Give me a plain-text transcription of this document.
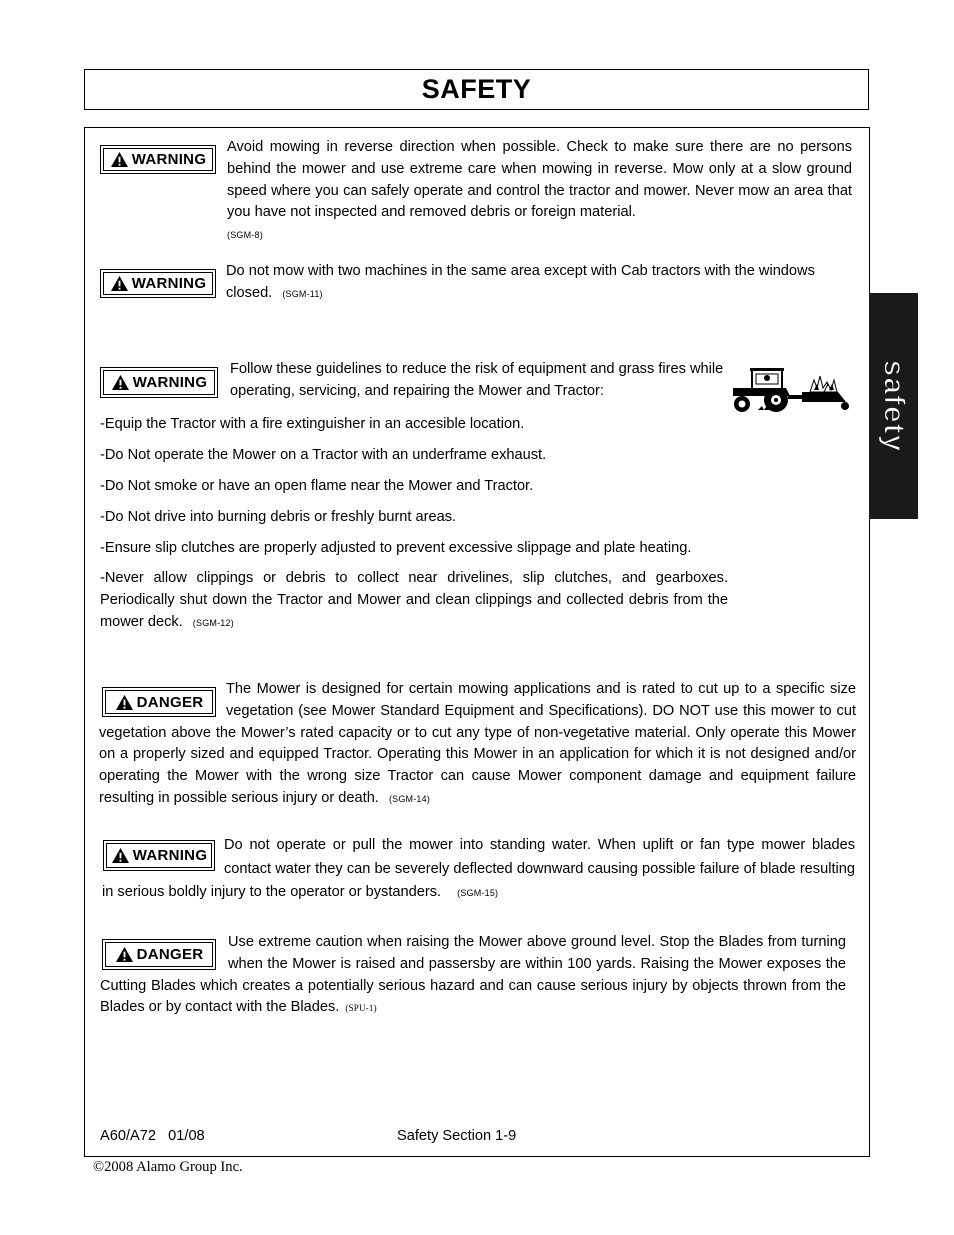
SAFETY
safety
WARNING

Avoid mowing in reverse direction when possible. Check to make sure there are no persons behind the mower and use extreme care when mowing in reverse. Mow only at a slow ground speed where you can safely operate and control the tractor and mower. Never mow an area that you have not inspected and removed debris or foreign material.
(SGM-8)

WARNING

Do not mow with two machines in the same area except with Cab tractors with the windows closed. (SGM-11)

WARNING

Follow these guidelines to reduce the risk of equipment and grass fires while operating, servicing, and repairing the Mower and Tractor:

-Equip the Tractor with a fire extinguisher in an accesible location.

-Do Not operate the Mower on a Tractor with an underframe exhaust.

-Do Not smoke or have an open flame near the Mower and Tractor.

-Do Not drive into burning debris or freshly burnt areas.

-Ensure slip clutches are properly adjusted to prevent excessive slippage and plate heating.

-Never allow clippings or debris to collect near drivelines, slip clutches, and gearboxes. Periodically shut down the Tractor and Mower and clean clippings and collected debris from the mower deck. (SGM-12)

DANGER

The Mower is designed for certain mowing applications and is rated to cut up to a specific size vegetation (see Mower Standard Equipment and Specifications). DO NOT use this mower to cut vegetation above the Mower’s rated capacity or to cut any type of non-vegetative material. Only operate this Mower on a properly sized and equipped Tractor. Operating this Mower in an application for which it is not designed and/or operating the Mower with the wrong size Tractor can cause Mower component damage and equipment failure resulting in possible serious injury or death. (SGM-14)

WARNING

Do not operate or pull the mower into standing water. When uplift or fan type mower blades contact water they can be severely deflected downward causing possible failure of blade resulting in serious boldly injury to the operator or bystanders. (SGM-15)

DANGER

Use extreme caution when raising the Mower above ground level. Stop the Blades from turning when the Mower is raised and passersby are within 100 yards. Raising the Mower exposes the Cutting Blades which creates a potentially serious hazard and can cause serious injury by objects thrown from the Blades or by contact with the Blades. (SPU-1)

A60/A72   01/08	Safety Section 1-9
©2008 Alamo Group Inc.
